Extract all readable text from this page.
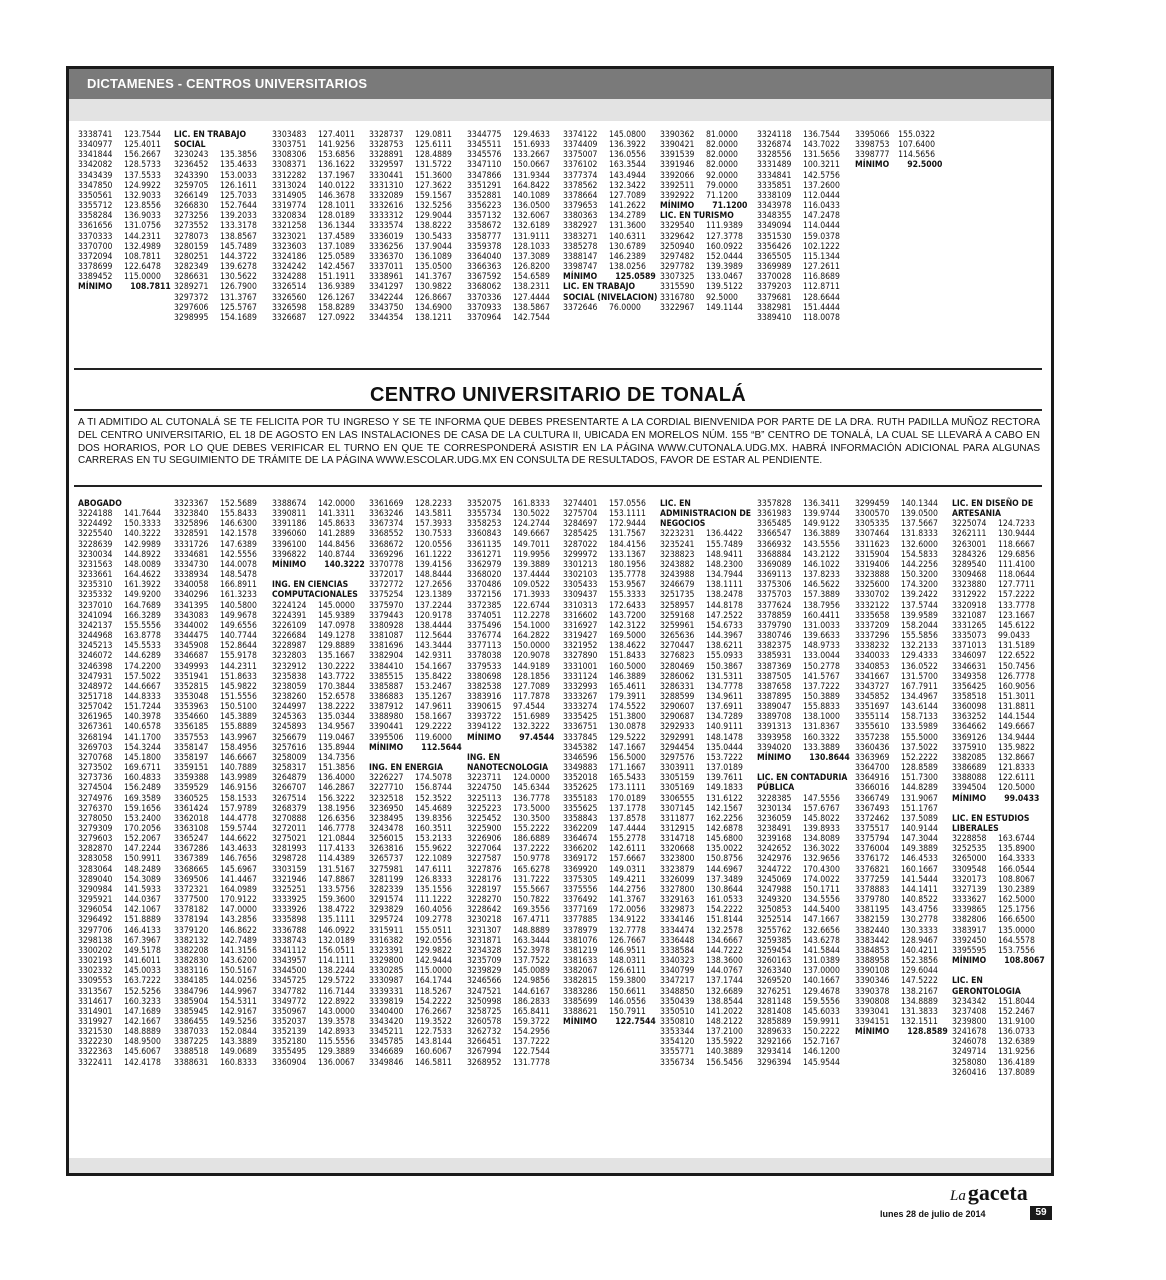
DICTAMENES - CENTROS UNIVERSITARIOS
3338741	123.7544
3340977	125.4011
3341844	156.2667
3342082	128.5733
3343439	137.5533
3347850	124.9922
3350561	132.9033
3355712	123.8556
3358284	136.9033
3361656	131.0756
3370333	144.2311
3370700	132.4989
3372094	108.7811
3378699	122.6478
3389452	115.0000
MÍNIMO 108.7811
LIC. EN TRABAJO
SOCIAL
3230243	135.3856
3236452	135.4633
3243390	153.0033
3259705	126.1611
3266149	125.7033
3266830	152.7644
3273256	139.2033
3273552	133.3178
3278073	138.8567
3280159	145.7489
3280251	144.3722
3282349	139.6278
3286631	130.5622
3289271	126.7900
3297372	131.3767
3297606	125.5767
3298995	154.1689
3303483	127.4011
3303751	141.9256
3308306	153.6856
3308371	136.1622
3312282	137.1967
3313024	140.0122
3314905	146.3678
3319774	128.1011
3320834	128.0189
3321258	136.1344
3323021	137.4589
3323603	137.1089
3324186	125.0589
3324242	142.4567
3324288	151.1911
3326514	136.9389
3326560	126.1267
3326598	158.8289
3326687	127.0922
3328737	129.0811
3328753	125.6111
3328891	128.4889
3329597	131.5722
3330441	151.3600
3331310	127.3622
3332089	159.1567
3332616	132.5256
3333312	129.9044
3333574	138.8222
3336019	130.5433
3336256	137.9044
3336370	136.1089
3337011	135.0500
3338961	141.3767
3341297	130.9822
3342244	126.8667
3343750	134.6900
3344354	138.1211
3344775	129.4633
3345511	151.6933
3345576	133.2667
3347110	150.0667
3347866	131.9344
3351291	164.8422
3352881	140.1089
3356223	136.0500
3357132	132.6067
3358672	132.6189
3358777	131.9111
3359378	128.1033
3364040	137.3089
3366363	126.8200
3367592	154.6589
3368062	138.2311
3370336	127.4444
3370933	138.5867
3370964	142.7544
3374122	145.0800
3374409	136.3922
3375007	136.0556
3376102	163.3544
3377374	143.4944
3378562	132.3422
3378664	127.7089
3379653	141.2622
3380363	134.2789
3382927	131.3600
3383271	140.6311
3385278	130.6789
3388147	146.2389
3398747	138.0256
MÍNIMO 125.0589
LIC. EN TRABAJO
SOCIAL (NIVELACION)
3372646	76.0000
3390362	81.0000
3390421	82.0000
3391539	82.0000
3391946	82.0000
3392066	92.0000
3392511	79.0000
3392922	71.1200
MÍNIMO 71.1200
LIC. EN TURISMO
3329540	111.9389
3329642	127.3778
3250940	160.0922
3297482	152.0444
3297782	139.3989
3307325	133.0467
3315590	139.5122
3316780	92.5000
3322967	149.1144
3324118	136.7544
3326874	143.7022
3328556	131.5656
3331489	100.3211
3334841	142.5756
3335851	137.2600
3338109	112.0444
3343978	116.0433
3348355	147.2478
3349094	114.0444
3351530	159.0378
3356426	102.1222
3365505	115.1344
3369989	127.2611
3370028	116.8689
3379203	112.8711
3379681	128.6644
3382981	151.4444
3389410	118.0078
3395066	155.0322
3398753	107.6400
3398777	114.5656
MÍNIMO 92.5000
CENTRO UNIVERSITARIO DE TONALÁ
A TI ADMITIDO AL CUTONALÁ SE TE FELICITA POR TU INGRESO Y SE TE INFORMA QUE DEBES PRESENTARTE A LA CORDIAL BIENVENIDA POR PARTE DE LA DRA. RUTH PADILLA MUÑOZ RECTORA DEL CENTRO UNIVERSITARIO, EL 18 DE AGOSTO EN LAS INSTALACIONES DE CASA DE LA CULTURA II, UBICADA EN MORELOS NÚM. 155 “B” CENTRO DE TONALÁ, LA CUAL SE LLEVARÁ A CABO EN DOS HORARIOS, POR LO QUE DEBES VERIFICAR EL TURNO EN QUE TE CORRESPONDERÁ ASISTIR EN LA PÁGINA WWW.CUTONALA.UDG.MX. HABRÁ INFORMACIÓN ADICIONAL PARA ALGUNAS CARRERAS EN TU SEGUIMIENTO DE TRÁMITE DE LA PÁGINA WWW.ESCOLAR.UDG.MX EN CONSULTA DE RESULTADOS, FAVOR DE ESTAR AL PENDIENTE.
ABOGADO
3224188	141.7644
3224492	150.3333
3225540	140.3222
3228639	142.9989
3230034	144.8922
3231563	148.0089
3233661	164.4622
3235310	161.3922
3235332	149.9200
3237010	164.7689
3241094	166.3289
3242137	155.5556
3244968	163.8778
3245213	145.5533
3246072	144.6289
3246398	174.2200
3247931	157.5022
3248972	144.6667
3251718	144.8333
3257042	151.7244
3261965	140.3978
3267361	140.6578
3268194	141.1700
3269703	154.3244
3270768	145.1800
3273502	169.6711
3273736	160.4833
3274504	156.2489
3274976	169.3589
3276370	159.1656
3278050	153.2400
3279309	170.2056
3279603	152.2067
3282870	147.2244
3283058	150.9911
3283064	148.2489
3289040	154.3089
3290984	141.5933
3295921	144.0367
3296054	142.1067
3296492	151.8889
3297706	146.4133
3298138	167.3967
3300202	149.5178
3302193	141.6011
3302332	145.0033
3309553	163.7222
3313567	152.5256
3314617	160.3233
3314901	147.1689
3319927	142.1667
3321530	148.8889
3322230	148.9500
3322363	145.6067
3322411	142.4178
3323367	152.5689
3323840	155.8433
3325896	146.6300
3328591	142.1578
3331726	147.6389
3334681	142.5556
3334730	144.0078
3338934	148.5478
3340058	166.8911
3340296	161.3233
3341395	140.5800
3343083	149.9678
3344002	149.6556
3344475	140.7744
3345908	152.8644
3346687	155.9178
3349993	144.2311
3351941	151.8633
3352815	145.9822
3353048	151.5556
3353963	150.5100
3354660	145.3889
3356185	155.8889
3357553	143.9967
3358147	158.4956
3358197	146.6667
3359151	140.7889
3359388	143.9989
3359529	146.9156
3360525	158.1533
3361424	157.9789
3362018	144.4778
3363108	159.5744
3365247	144.6622
3367286	143.4633
3367389	146.7656
3368665	145.6967
3369506	141.4467
3372321	164.0989
3377500	170.9122
3378182	147.0000
3378194	143.2856
3379120	146.8622
3382132	142.7489
3382208	141.3156
3382830	143.6200
3383116	150.5167
3384185	144.0256
3384796	144.9967
3385904	154.5311
3385945	142.9167
3386455	149.5256
3387033	152.0844
3387225	143.3889
3388518	149.0689
3388631	160.8333
3388674	142.0000
3390811	141.3311
3391186	145.8633
3396060	141.2889
3396100	144.8456
3396822	140.8744
MÍNIMO 140.3222

ING. EN CIENCIAS
COMPUTACIONALES
3224124	145.0000
3224391	145.9389
3226109	147.0978
3226684	149.1278
3228987	129.8889
3232803	135.1667
3232912	130.2222
3235838	143.7722
3238059	170.3844
3238260	152.6578
3244997	138.2222
3245363	135.0344
3245893	134.9567
3256679	119.0467
3257616	135.8944
3258009	134.7356
3258317	151.3856
3264879	136.4000
3266707	146.2867
3267514	156.3222
3268379	138.1956
3270888	126.6356
3272011	146.7778
3275021	121.0844
3281993	117.4133
3298728	114.4389
3303159	131.5167
3321946	147.8867
3325251	133.5756
3333925	159.3600
3333926	138.4722
3335898	135.1111
3336788	146.0922
3338743	132.0189
3341112	156.0511
3343957	114.1111
3344500	138.2244
3345725	129.5722
3347782	116.7144
3349772	122.8922
3350967	143.0000
3352037	139.3578
3352139	142.8933
3352180	115.5556
3355495	129.3889
3360904	136.0067
3361669	128.2233
3363246	143.5811
3367374	157.3933
3368552	130.7533
3368672	120.0556
3369296	161.1222
3370778	139.4156
3372017	148.8444
3372772	127.2656
3375254	123.1389
3375970	137.2244
3379443	120.9178
3380928	138.4444
3381087	112.5644
3381696	143.3444
3382904	142.9311
3384410	154.1667
3385515	135.8422
3385887	153.2467
3386883	135.1267
3387912	147.9611
3388980	158.1667
3390441	129.2222
3395506	119.6000
MÍNIMO 112.5644

ING. EN ENERGIA
3226227	174.5078
3227710	156.8744
3232518	152.3522
3236950	145.4689
3238495	139.8356
3243478	160.3511
3256015	153.2133
3263816	155.9622
3265737	122.1089
3275981	147.6111
3281199	126.8333
3282339	135.1556
3291574	111.1222
3293829	160.4056
3295724	109.2778
3315911	155.0511
3316382	192.0556
3323391	129.9822
3329800	142.9444
3330285	115.0000
3330987	164.1744
3339331	118.5267
3339819	154.2222
3340400	176.2667
3343420	119.3522
3345211	122.7533
3345785	143.8144
3346689	160.6067
3349846	146.5811
3352075	161.8333
3355734	130.5022
3358253	124.2744
3360843	149.6667
3361135	149.7011
3361271	119.9956
3362979	139.3889
3368020	137.4444
3370486	109.0522
3372156	171.3933
3372385	122.6744
3374051	112.2278
3375496	154.1000
3376774	164.2822
3377113	150.0000
3378038	120.9078
3379533	144.9189
3380698	128.1856
3382538	127.7089
3383916	117.7878
3390615	97.4544
3393722	151.6989
3394122	132.3222
MÍNIMO 97.4544

ING. EN
NANOTECNOLOGIA
3223711	124.0000
3224750	145.6344
3225113	136.7778
3225223	173.5000
3225452	130.3500
3225900	155.2222
3226906	186.6889
3227064	137.2222
3227587	150.9778
3227876	165.6278
3228176	131.7222
3228197	155.5667
3228270	150.7822
3228642	169.3556
3230218	167.4711
3231307	148.8889
3231871	163.3444
3234328	152.3978
3235709	137.7522
3239829	145.0089
3246566	124.9856
3247521	144.6167
3250998	186.2833
3258725	165.8411
3260578	159.3722
3262732	154.2956
3266451	137.7222
3267994	122.7544
3268952	131.7778
3274401	157.0556
3275704	153.1111
3284697	172.9444
3285425	131.7567
3287022	184.4156
3299972	133.1367
3301213	180.1956
3302103	135.7778
3305433	153.9567
3309437	155.3333
3310313	172.6433
3316602	143.7200
3316927	142.3122
3319427	169.5000
3321952	138.4622
3327890	151.8433
3331001	160.5000
3331124	146.3889
3332993	165.4611
3333267	179.3911
3333274	174.5522
3335425	151.3800
3336751	130.0878
3337845	129.5222
3345382	147.1667
3346596	156.5000
3349883	171.1667
3352018	165.5433
3352625	173.1111
3355183	170.0189
3355625	137.1778
3358843	137.8578
3362209	147.4444
3364674	155.2778
3366202	142.6111
3369172	157.6667
3369920	149.0311
3375305	149.4211
3375556	144.2756
3376492	141.3767
3377169	172.0056
3377885	134.9122
3378979	132.7778
3381076	126.7667
3381219	146.9511
3381633	148.0311
3382067	126.6111
3382815	159.3800
3383286	150.6611
3385699	146.0556
3388621	150.7911
MÍNIMO 122.7544
LIC. EN
ADMINISTRACION DE
NEGOCIOS
3223231	136.4422
3235241	155.7489
3238823	148.9411
3243882	148.2300
3243988	134.7944
3246679	138.1111
3251735	138.2478
3258957	144.8178
3259168	147.2522
3259961	154.6733
3265636	144.3967
3270447	138.6211
3276823	155.0933
3280469	150.3867
3286062	131.5311
3286331	134.7778
3288599	134.9611
3290607	137.6911
3290687	134.7289
3292933	140.9111
3292991	148.1478
3294454	135.0444
3297576	153.7222
3303911	137.0189
3305159	139.7611
3305169	149.1833
3306555	131.6122
3307145	142.1567
3311877	162.2256
3312915	142.6878
3314718	145.6800
3320668	135.0022
3323800	150.8756
3323879	144.6967
3326099	137.3489
3327800	130.8644
3329163	161.0533
3329873	154.2222
3334146	151.8144
3334474	132.2578
3336448	134.6667
3338584	144.7222
3340323	138.3600
3340799	144.0767
3347217	137.1744
3348850	132.6689
3350439	138.8544
3350510	141.2022
3350810	148.2122
3353344	137.2100
3354120	135.5922
3355771	140.3889
3356734	156.5456
3357828	136.3411
3361983	139.9744
3365485	149.9122
3366547	136.3889
3366932	143.5556
3368884	143.2122
3369089	146.1022
3369113	137.8233
3375306	146.5622
3375703	157.3889
3377624	138.7956
3378859	160.4411
3379790	131.0033
3380746	139.6633
3382375	148.9733
3385931	133.0044
3387369	150.2778
3387505	141.5767
3387658	137.7222
3387895	150.3889
3389047	155.8833
3389708	138.1000
3391313	131.8367
3393958	160.3322
3394020	133.3889
MÍNIMO 130.8644

LIC. EN CONTADURIA
PÚBLICA
3228385	147.5556
3230134	157.6767
3236059	145.8022
3238491	139.8933
3239168	134.8089
3242652	136.3022
3242976	132.9656
3244722	170.4300
3245069	174.0022
3247988	150.1711
3249320	134.5556
3250853	144.5400
3252514	147.1667
3255762	132.6656
3259385	143.6278
3259454	141.5844
3260163	131.0389
3263340	137.0000
3269520	140.1667
3276251	129.4678
3281148	159.5556
3281408	145.6033
3285889	159.9911
3289633	150.2222
3292166	152.7167
3293414	146.1200
3296394	145.9544
3299459	140.1344
3300570	139.0500
3305335	137.5667
3307464	131.8333
3311623	132.6000
3315904	154.5833
3319406	144.2256
3323888	150.3200
3325600	174.3200
3330702	139.2422
3332122	137.5744
3335658	139.9589
3337209	158.2044
3337296	155.5856
3338232	132.2133
3340033	129.4333
3340853	136.0522
3341667	131.5700
3343727	167.7911
3345852	134.4967
3351697	143.6144
3355114	158.7133
3355610	133.5989
3357238	155.5000
3360436	137.5022
3363969	152.2222
3364700	128.8589
3364916	151.7300
3366016	144.8289
3366749	131.9067
3367493	151.1767
3372462	137.5089
3375517	140.9144
3375794	147.3044
3376004	149.3889
3376172	146.4533
3376821	160.1667
3377259	141.5444
3378883	144.1411
3379780	140.8522
3381195	143.4756
3382159	130.2778
3382440	130.3333
3383442	128.9467
3384853	140.4211
3388958	152.3856
3390108	129.6044
3390346	147.5222
3390378	138.2167
3390808	134.8889
3393041	131.3833
3394151	132.1511
MÍNIMO 128.8589
LIC. EN DISEÑO DE
ARTESANIA
3225074	124.7233
3262111	130.9444
3263001	118.6667
3284326	129.6856
3289540	111.4100
3309468	118.0644
3323880	127.7711
3312922	157.2222
3320918	133.7778
3321087	123.1667
3331265	145.6122
3335073	99.0433
3371013	131.5189
3346097	122.6522
3346631	150.7456
3349358	126.7778
3356425	160.9056
3358518	151.3011
3360098	131.8811
3363252	144.1544
3364662	149.6667
3369126	134.9444
3375910	135.9822
3382085	132.8667
3386689	121.8333
3388088	122.6111
3394504	120.5000
MÍNIMO 99.0433

LIC. EN ESTUDIOS
LIBERALES
3228858	163.6744
3252535	135.8900
3265000	164.3333
3309548	166.0544
3320173	108.8067
3327139	130.2389
3333627	162.5000
3339865	125.1756
3382806	166.6500
3383917	135.0000
3392450	164.5578
3395595	153.7556
MÍNIMO 108.8067

LIC. EN
GERONTOLOGIA
3234342	151.8044
3237408	152.2467
3239800	131.9100
3241678	136.0733
3246078	132.6389
3249714	131.9256
3258080	136.4189
3260416	137.8089
Lagaceta
lunes 28 de julio de 2014	59
